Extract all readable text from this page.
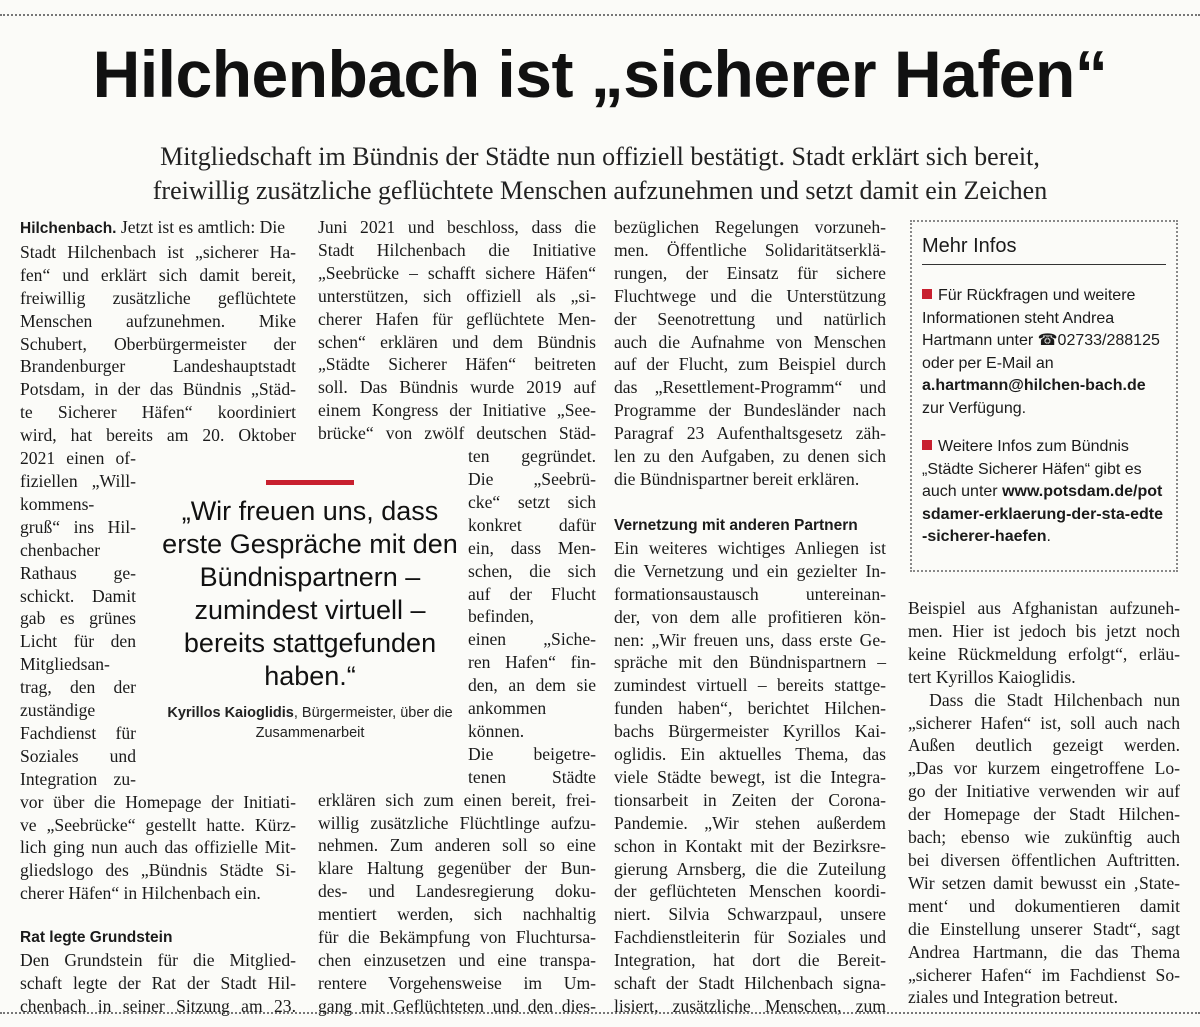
Hilchenbach ist „sicherer Hafen“
Mitgliedschaft im Bündnis der Städte nun offiziell bestätigt. Stadt erklärt sich bereit,
freiwillig zusätzliche geflüchtete Menschen aufzunehmen und setzt damit ein Zeichen
Hilchenbach. Jetzt ist es amtlich: Die
Stadt Hilchenbach ist „sicherer Ha-
fen“ und erklärt sich damit bereit,
freiwillig zusätzliche geflüchtete
Menschen aufzunehmen. Mike
Schubert, Oberbürgermeister der
Brandenburger Landeshauptstadt
Potsdam, in der das Bündnis „Städ-
te Sicherer Häfen“ koordiniert
wird, hat bereits am 20. Oktober
2021 einen of-
fiziellen „Will-
kommens-
gruß“ ins Hil-
chenbacher
Rathaus ge-
schickt. Damit
gab es grünes
Licht für den
Mitgliedsan-
trag, den der
zuständige
Fachdienst für
Soziales und
Integration zu-
vor über die Homepage der Initiati-
ve „Seebrücke“ gestellt hatte. Kürz-
lich ging nun auch das offizielle Mit-
gliedslogo des „Bündnis Städte Si-
cherer Häfen“ in Hilchenbach ein.
Rat legte Grundstein
Den Grundstein für die Mitglied-
schaft legte der Rat der Stadt Hil-
chenbach in seiner Sitzung am 23.
Juni 2021 und beschloss, dass die
Stadt Hilchenbach die Initiative
„Seebrücke – schafft sichere Häfen“
unterstützen, sich offiziell als „si-
cherer Hafen für geflüchtete Men-
schen“ erklären und dem Bündnis
„Städte Sicherer Häfen“ beitreten
soll. Das Bündnis wurde 2019 auf
einem Kongress der Initiative „See-
brücke“ von zwölf deutschen Städ-
ten gegründet.
Die „Seebrü-
cke“ setzt sich
konkret dafür
ein, dass Men-
schen, die sich
auf der Flucht
befinden,
einen „Siche-
ren Hafen“ fin-
den, an dem sie
ankommen
können.
Die beigetre-
tenen Städte
erklären sich zum einen bereit, frei-
willig zusätzliche Flüchtlinge aufzu-
nehmen. Zum anderen soll so eine
klare Haltung gegenüber der Bun-
des- und Landesregierung doku-
mentiert werden, sich nachhaltig
für die Bekämpfung von Fluchtursa-
chen einzusetzen und eine transpa-
rentere Vorgehensweise im Um-
gang mit Geflüchteten und den dies-
bezüglichen Regelungen vorzuneh-
men. Öffentliche Solidaritätserklä-
rungen, der Einsatz für sichere
Fluchtwege und die Unterstützung
der Seenotrettung und natürlich
auch die Aufnahme von Menschen
auf der Flucht, zum Beispiel durch
das „Resettlement-Programm“ und
Programme der Bundesländer nach
Paragraf 23 Aufenthaltsgesetz zäh-
len zu den Aufgaben, zu denen sich
die Bündnispartner bereit erklären.
Vernetzung mit anderen Partnern
Ein weiteres wichtiges Anliegen ist
die Vernetzung und ein gezielter In-
formationsaustausch untereinan-
der, von dem alle profitieren kön-
nen: „Wir freuen uns, dass erste Ge-
spräche mit den Bündnispartnern –
zumindest virtuell – bereits stattge-
funden haben“, berichtet Hilchen-
bachs Bürgermeister Kyrillos Kai-
oglidis. Ein aktuelles Thema, das
viele Städte bewegt, ist die Integra-
tionsarbeit in Zeiten der Corona-
Pandemie. „Wir stehen außerdem
schon in Kontakt mit der Bezirksre-
gierung Arnsberg, die die Zuteilung
der geflüchteten Menschen koordi-
niert. Silvia Schwarzpaul, unsere
Fachdienstleiterin für Soziales und
Integration, hat dort die Bereit-
schaft der Stadt Hilchenbach signa-
lisiert, zusätzliche Menschen, zum
Beispiel aus Afghanistan aufzuneh-
men. Hier ist jedoch bis jetzt noch
keine Rückmeldung erfolgt“, erläu-
tert Kyrillos Kaioglidis.
Dass die Stadt Hilchenbach nun
„sicherer Hafen“ ist, soll auch nach
Außen deutlich gezeigt werden.
„Das vor kurzem eingetroffene Lo-
go der Initiative verwenden wir auf
der Homepage der Stadt Hilchen-
bach; ebenso wie zukünftig auch
bei diversen öffentlichen Auftritten.
Wir setzen damit bewusst ein ‚State-
ment‘ und dokumentieren damit
die Einstellung unserer Stadt“, sagt
Andrea Hartmann, die das Thema
„sicherer Hafen“ im Fachdienst So-
ziales und Integration betreut.
„Wir freuen uns, dass erste Gespräche mit den Bündnispartnern – zumindest virtuell – bereits stattgefunden haben.“
Kyrillos Kaioglidis, Bürgermeister, über die Zusammenarbeit
Mehr Infos
Für Rückfragen und weitere Informationen steht Andrea Hartmann unter ☎02733/288125 oder per E-Mail an a.hartmann@hilchen-bach.de zur Verfügung.
Weitere Infos zum Bündnis „Städte Sicherer Häfen“ gibt es auch unter www.potsdam.de/potsdamer-erklaerung-der-sta-edte-sicherer-haefen.
